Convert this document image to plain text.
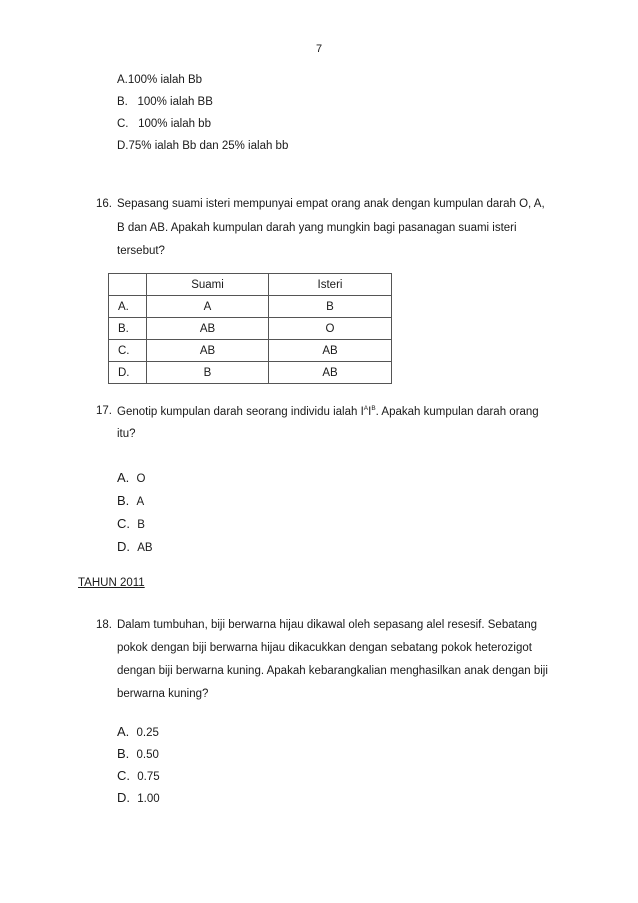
7
A.100% ialah Bb
B.   100% ialah BB
C.   100% ialah bb
D.75% ialah Bb dan 25% ialah bb
16. Sepasang suami isteri mempunyai empat orang anak dengan kumpulan darah O, A,
B dan AB. Apakah kumpulan darah yang mungkin bagi pasanagan suami isteri
tersebut?
	Suami	Isteri
A.	A	B
B.	AB	O
C.	AB	AB
D.	B	AB
17. Genotip kumpulan darah seorang individu ialah $I^AI^B$. Apakah kumpulan darah orang
itu?
A. O
B. A
C. B
D. AB
TAHUN 2011
18. Dalam tumbuhan, biji berwarna hijau dikawal oleh sepasang alel resesif. Sebatang
pokok dengan biji berwarna hijau dikacukkan dengan sebatang pokok heterozigot
dengan biji berwarna kuning. Apakah kebarangkalian menghasilkan anak dengan biji
berwarna kuning?
A. 0.25
B. 0.50
C. 0.75
D. 1.00
